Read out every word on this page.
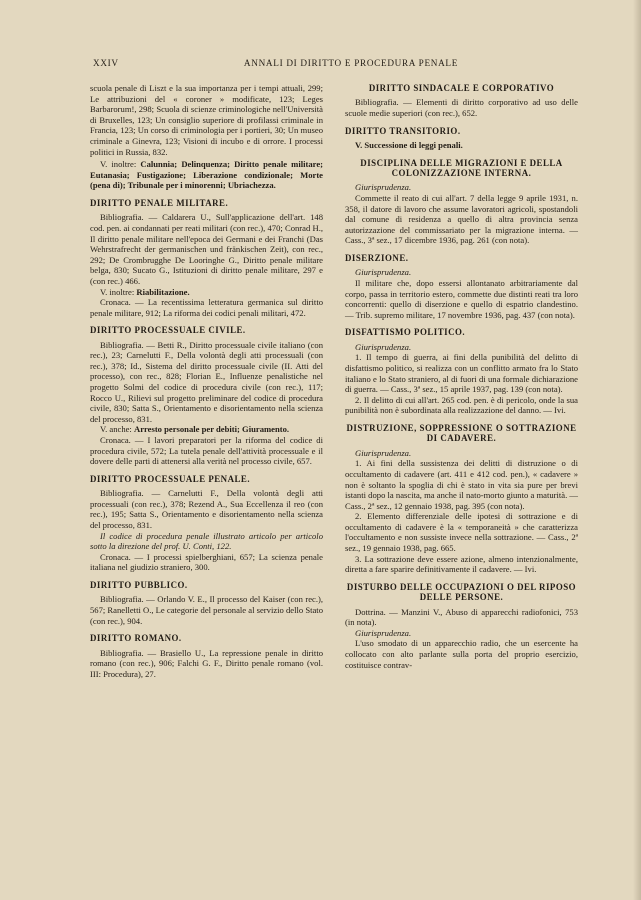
XXIV	ANNALI DI DIRITTO E PROCEDURA PENALE

scuola penale di Liszt e la sua importanza per i tempi attuali, 299; Le attribuzioni del « coroner » modificate, 123; Leges Barbarorum!, 298; Scuola di scienze criminologiche nell'Università di Bruxelles, 123; Un consiglio superiore di profilassi criminale in Francia, 123; Un corso di criminologia per i portieri, 30; Un museo criminale a Ginevra, 123; Visioni di incubo e di orrore. I processi politici in Russia, 832.

V. inoltre: Calunnia; Delinquenza; Diritto penale militare; Eutanasia; Fustigazione; Liberazione condizionale; Morte (pena di); Tribunale per i minorenni; Ubriachezza.

DIRITTO PENALE MILITARE.

Bibliografia. — Caldarera U., Sull'applicazione dell'art. 148 cod. pen. ai condannati per reati militari (con rec.), 470; Conrad H., Il diritto penale militare nell'epoca dei Germani e dei Franchi (Das Wehrstrafrecht der germanischen und fränkischen Zeit), con rec., 292; De Crombrugghe De Looringhe G., Diritto penale militare belga, 830; Sucato G., Istituzioni di diritto penale militare, 297 e (con rec.) 466.

V. inoltre: Riabilitazione.

Cronaca. — La recentissima letteratura germanica sul diritto penale militare, 912; La riforma dei codici penali militari, 472.

DIRITTO PROCESSUALE CIVILE.

Bibliografia. — Betti R., Diritto processuale civile italiano (con rec.), 23; Carnelutti F., Della volontà degli atti processuali (con rec.), 378; Id., Sistema del diritto processuale civile (II. Atti del processo), con rec., 828; Florian E., Influenze penalistiche nel progetto Solmi del codice di procedura civile (con rec.), 117; Rocco U., Rilievi sul progetto preliminare del codice di procedura civile, 830; Satta S., Orientamento e disorientamento nella scienza del processo, 831.

V. anche: Arresto personale per debiti; Giuramento.

Cronaca. — I lavori preparatori per la riforma del codice di procedura civile, 572; La tutela penale dell'attività processuale e il dovere delle parti di attenersi alla verità nel processo civile, 657.

DIRITTO PROCESSUALE PENALE.

Bibliografia. — Carnelutti F., Della volontà degli atti processuali (con rec.), 378; Rezend A., Sua Eccellenza il reo (con rec.), 195; Satta S., Orientamento e disorientamento nella scienza del processo, 831.

Il codice di procedura penale illustrato articolo per articolo sotto la direzione del prof. U. Conti, 122.

Cronaca. — I processi spielberghiani, 657; La scienza penale italiana nel giudizio straniero, 300.

DIRITTO PUBBLICO.

Bibliografia. — Orlando V. E., Il processo del Kaiser (con rec.), 567; Ranelletti O., Le categorie del personale al servizio dello Stato (con rec.), 904.

DIRITTO ROMANO.

Bibliografia. — Brasiello U., La repressione penale in diritto romano (con rec.), 906; Falchi G. F., Diritto penale romano (vol. III: Procedura), 27.

DIRITTO SINDACALE E CORPORATIVO

Bibliografia. — Elementi di diritto corporativo ad uso delle scuole medie superiori (con rec.), 652.

DIRITTO TRANSITORIO.

V. Successione di leggi penali.

DISCIPLINA DELLE MIGRAZIONI E DELLA COLONIZZAZIONE INTERNA.

Giurisprudenza.

Commette il reato di cui all'art. 7 della legge 9 aprile 1931, n. 358, il datore di lavoro che assume lavoratori agricoli, spostandoli dal comune di residenza a quello di altra provincia senza autorizzazione del commissariato per la migrazione interna. — Cass., 3ª sez., 17 dicembre 1936, pag. 261 (con nota).

DISERZIONE.

Giurisprudenza.

Il militare che, dopo essersi allontanato arbitrariamente dal corpo, passa in territorio estero, commette due distinti reati tra loro concorrenti: quello di diserzione e quello di espatrio clandestino. — Trib. supremo militare, 17 novembre 1936, pag. 437 (con nota).

DISFATTISMO POLITICO.

Giurisprudenza.

1. Il tempo di guerra, ai fini della punibilità del delitto di disfattismo politico, si realizza con un conflitto armato fra lo Stato italiano e lo Stato straniero, al di fuori di una formale dichiarazione di guerra. — Cass., 3ª sez., 15 aprile 1937, pag. 139 (con nota).

2. Il delitto di cui all'art. 265 cod. pen. è di pericolo, onde la sua punibilità non è subordinata alla realizzazione del danno. — Ivi.

DISTRUZIONE, SOPPRESSIONE O SOTTRAZIONE DI CADAVERE.

Giurisprudenza.

1. Ai fini della sussistenza dei delitti di distruzione o di occultamento di cadavere (art. 411 e 412 cod. pen.), « cadavere » non è soltanto la spoglia di chi è stato in vita sia pure per brevi istanti dopo la nascita, ma anche il nato-morto giunto a maturità. — Cass., 2ª sez., 12 gennaio 1938, pag. 395 (con nota).

2. Elemento differenziale delle ipotesi di sottrazione e di occultamento di cadavere è la « temporaneità » che caratterizza l'occultamento e non sussiste invece nella sottrazione. — Cass., 2ª sez., 19 gennaio 1938, pag. 665.

3. La sottrazione deve essere azione, almeno intenzionalmente, diretta a fare sparire definitivamente il cadavere. — Ivi.

DISTURBO DELLE OCCUPAZIONI O DEL RIPOSO DELLE PERSONE.

Dottrina. — Manzini V., Abuso di apparecchi radiofonici, 753 (in nota).

Giurisprudenza.

L'uso smodato di un apparecchio radio, che un esercente ha collocato con alto parlante sulla porta del proprio esercizio, costituisce contrav-
